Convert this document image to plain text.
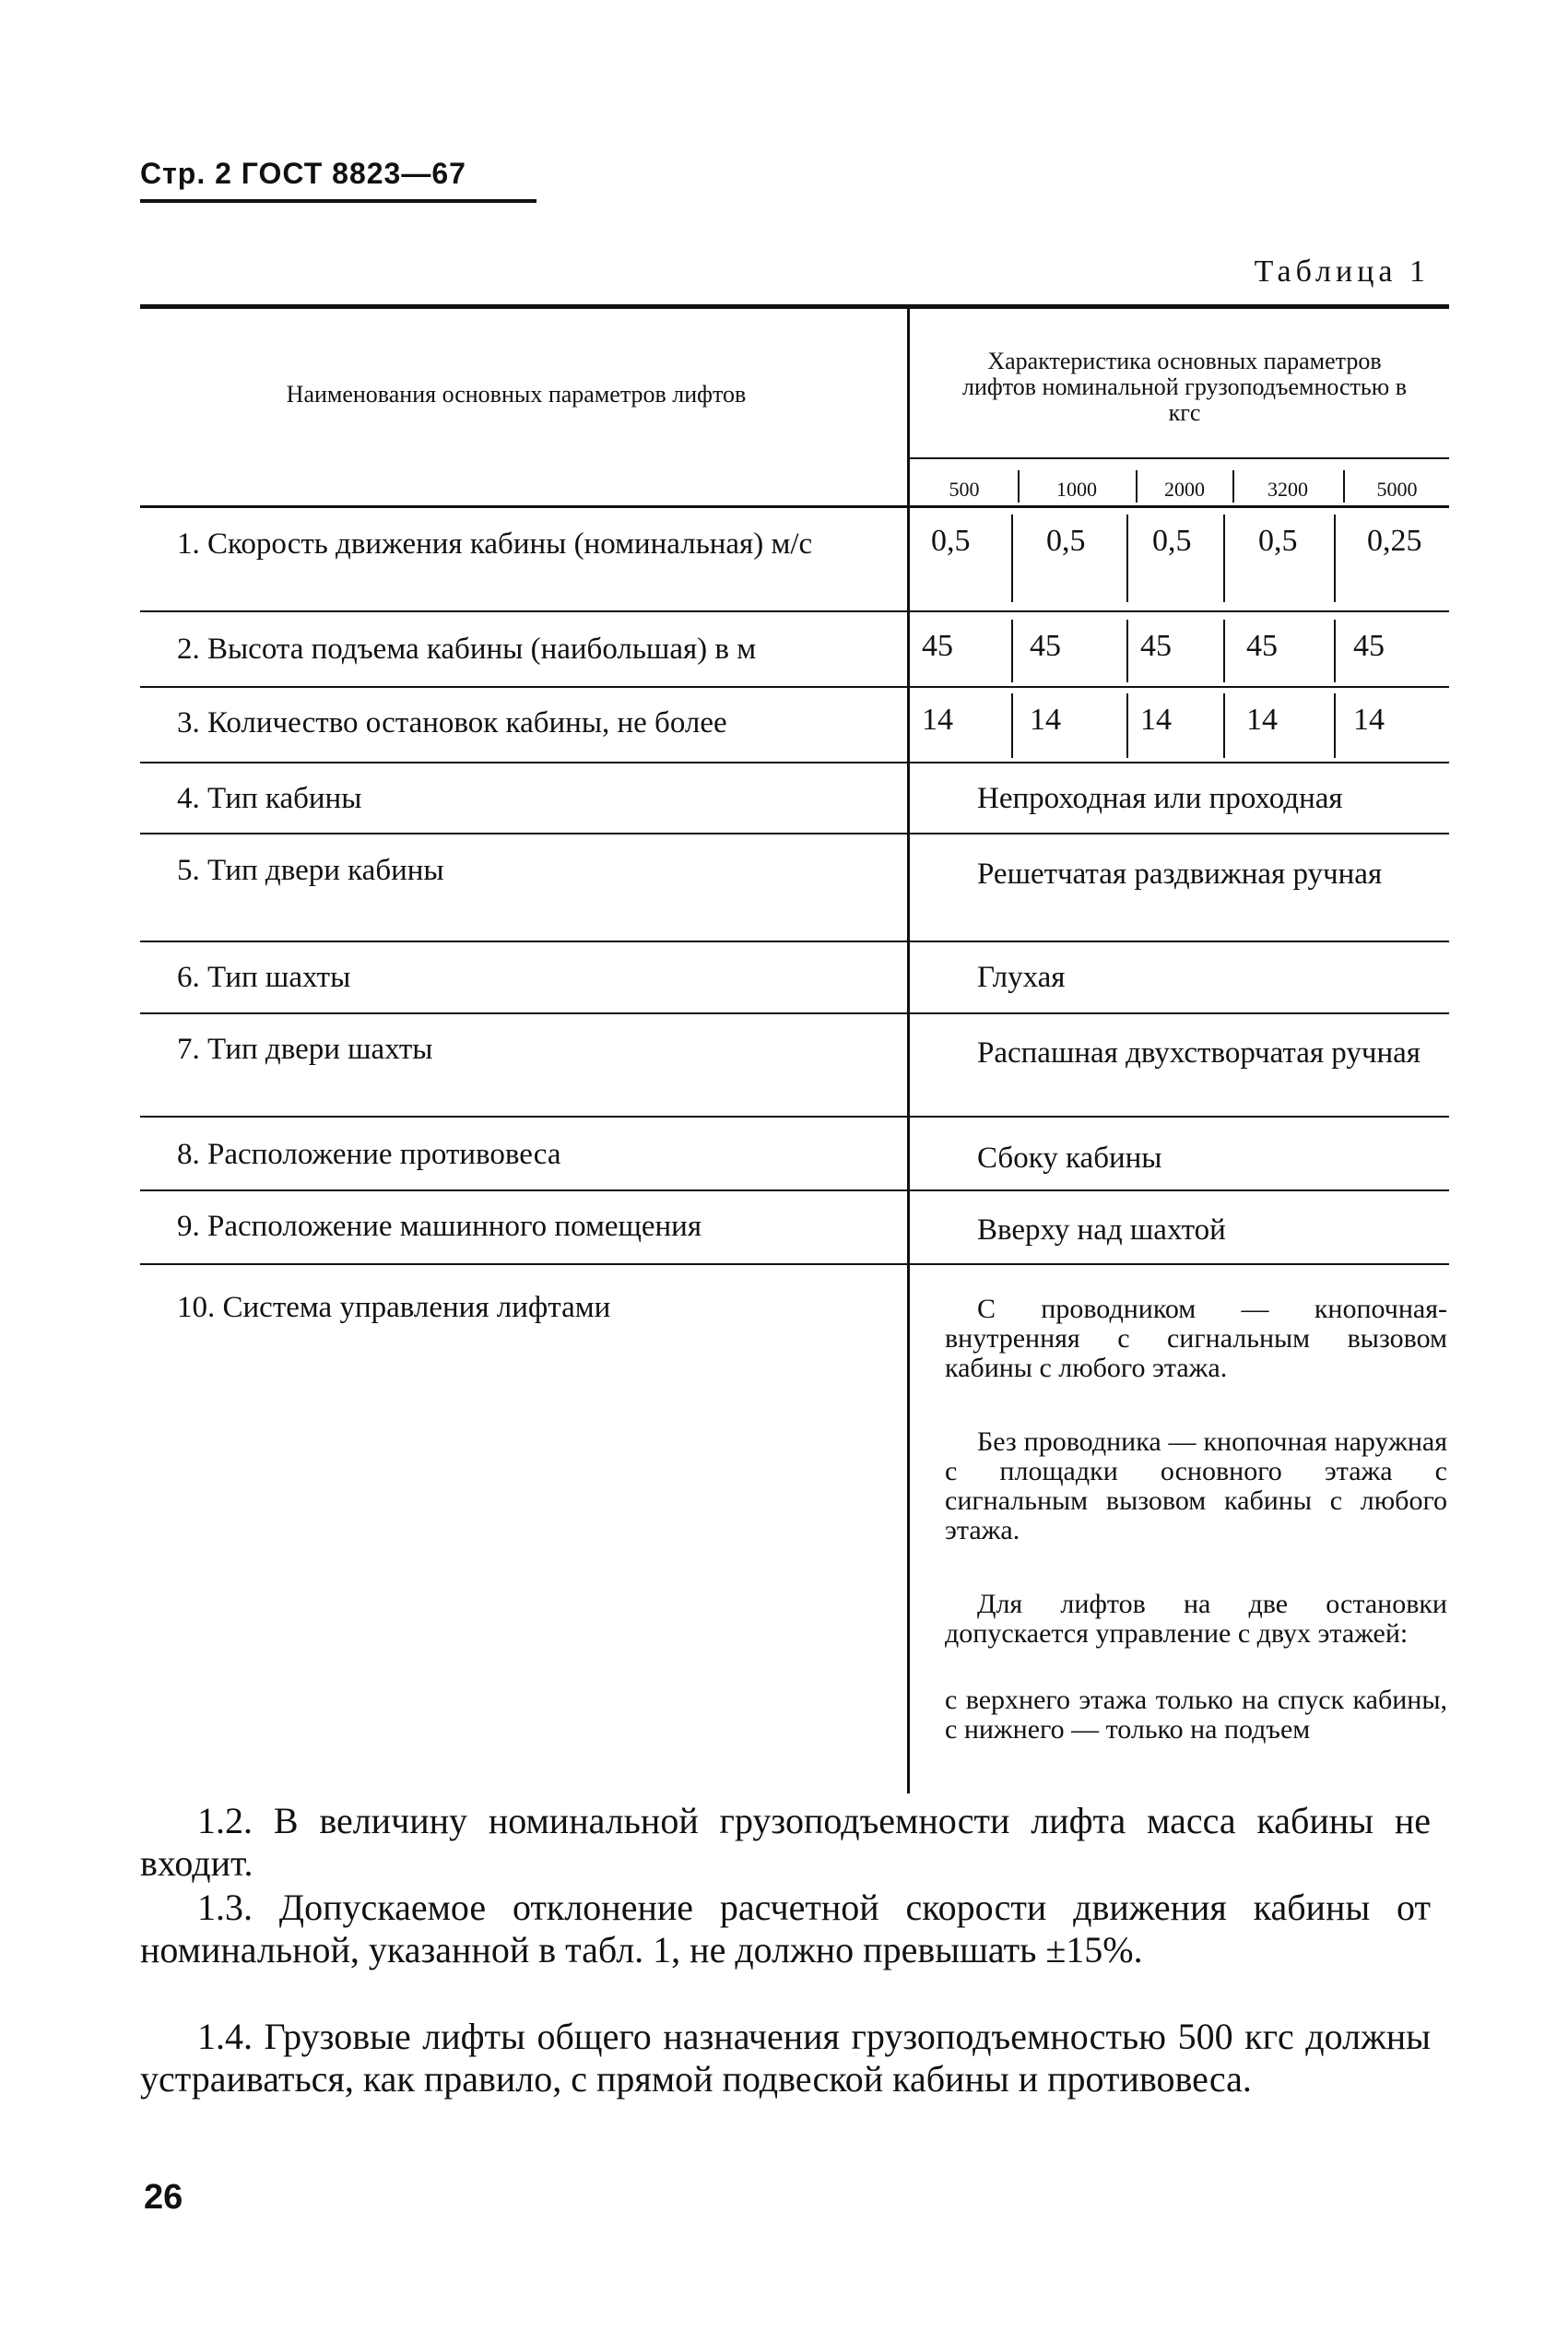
Стр. 2 ГОСТ 8823—67
Таблица 1
Наименования основных параметров лифтов
Характеристика основных параметров лифтов номинальной грузоподъемностью в кгс
500	1000	2000	3200	5000
1. Скорость движения кабины (номинальная) м/с	0,5 0,5 0,5 0,5 0,25
2. Высота подъема кабины (наибольшая) в м	45 45	45 45 45
3. Количество остановок кабины, не более	14 14	14 14 14
4. Тип кабины	Непроходная или проходная
5. Тип двери кабины	Решетчатая раздвижная ручная
6. Тип шахты	Глухая
7. Тип двери шахты	Распашная двухстворчатая ручная
8. Расположение противовеса	Сбоку кабины
9. Расположение машинного помещения	Вверху над шахтой
10. Система управления лифтами	С проводником — кнопочная-внутренняя с сигнальным вызовом кабины с любого этажа.
Без проводника — кнопочная наружная с площадки основного этажа с сигнальным вызовом кабины с любого этажа.
Для лифтов на две остановки допускается управление с двух этажей:
с верхнего этажа только на спуск кабины, с нижнего — только на подъем
1.2. В величину номинальной грузоподъемности лифта масса кабины не входит.
1.3. Допускаемое отклонение расчетной скорости движения кабины от номинальной, указанной в табл. 1, не должно превышать ±15%.
1.4. Грузовые лифты общего назначения грузоподъемностью 500 кгс должны устраиваться, как правило, с прямой подвеской кабины и противовеса.
26
